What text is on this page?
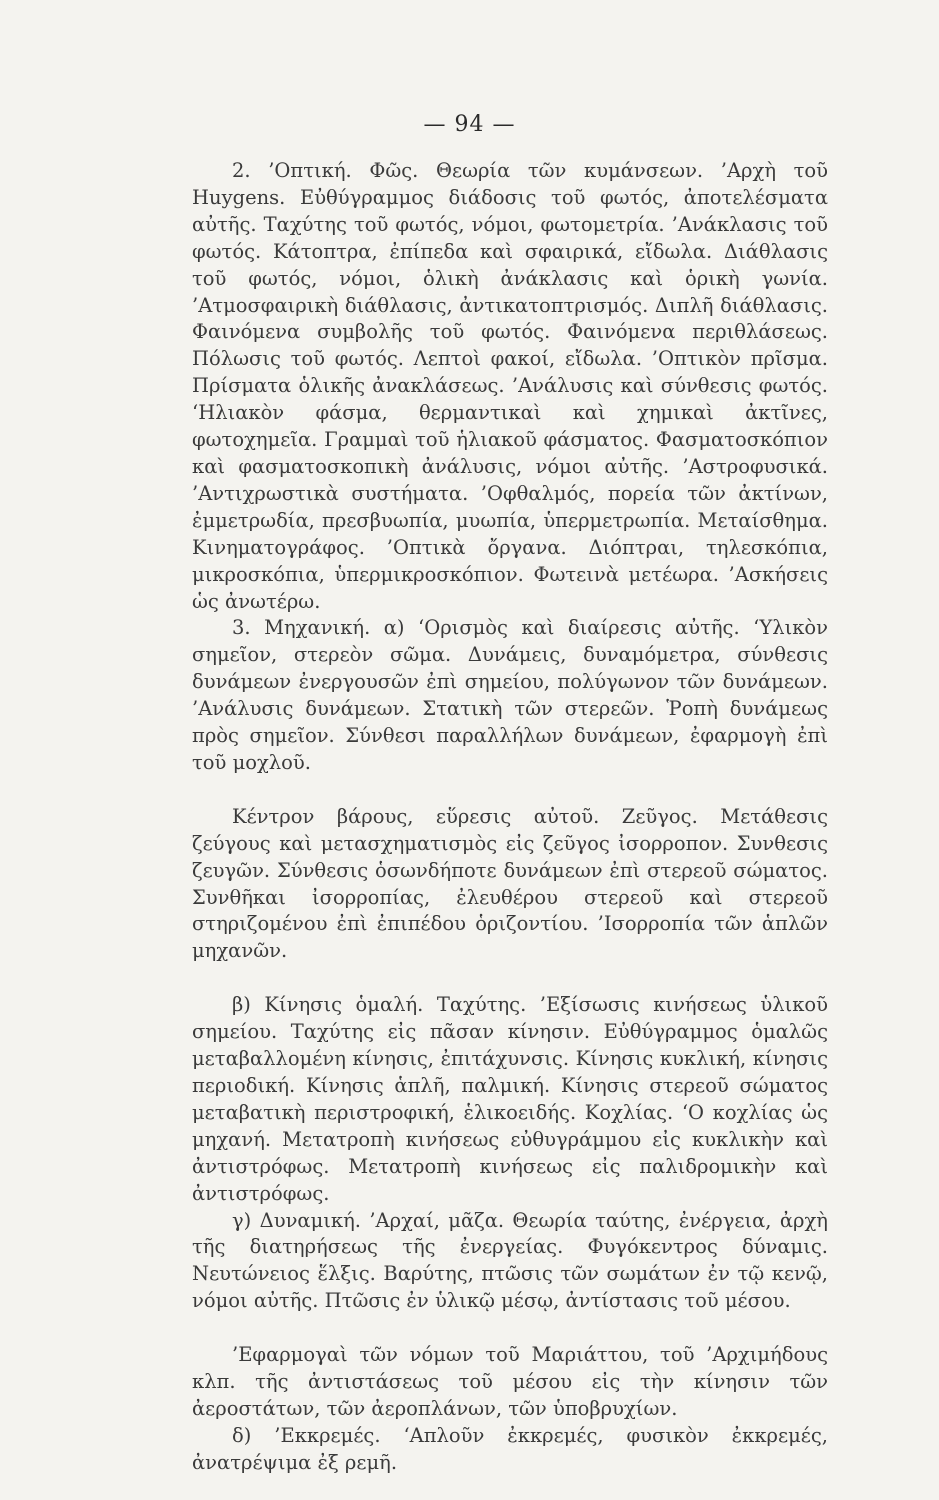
— 94 —

2. ’Οπτική. Φῶς. Θεωρία τῶν κυμάνσεων. ’Αρχὴ τοῦ Huygens. Εὐθύγραμμος διάδοσις τοῦ φωτός, ἀποτελέσματα αὐτῆς. Ταχύτης τοῦ φωτός, νόμοι, φωτομετρία. ’Ανάκλασις τοῦ φωτός. Κάτοπτρα, ἐπίπεδα καὶ σφαιρικά, εἴδωλα. Διάθλασις τοῦ φωτός, νόμοι, ὁλικὴ ἀνάκλασις καὶ ὁρικὴ γωνία. ’Ατμοσφαιρικὴ διάθλασις, ἀντικατοπτρισμός. Διπλῆ διάθλασις. Φαινόμενα συμβολῆς τοῦ φωτός. Φαινόμενα περιθλάσεως. Πόλωσις τοῦ φωτός. Λεπτοὶ φακοί, εἴδωλα. ’Οπτικὸν πρῖσμα. Πρίσματα ὁλικῆς ἀνακλάσεως. ’Ανάλυσις καὶ σύνθεσις φωτός. ‘Ηλιακὸν φάσμα, θερμαντικαὶ καὶ χημικαὶ ἀκτῖνες, φωτοχημεῖα. Γραμμαὶ τοῦ ἡλιακοῦ φάσματος. Φασματοσκόπιον καὶ φασματοσκοπικὴ ἀνάλυσις, νόμοι αὐτῆς. ’Αστροφυσικά. ’Αντιχρωστικὰ συστήματα. ’Οφθαλμός, πορεία τῶν ἀκτίνων, ἐμμετρωδία, πρεσβυωπία, μυωπία, ὑπερμετρωπία. Μεταίσθημα. Κινηματογράφος. ’Οπτικὰ ὄργανα. Διόπτραι, τηλεσκόπια, μικροσκόπια, ὑπερμικροσκόπιον. Φωτεινὰ μετέωρα. ’Ασκήσεις ὡς ἀνωτέρω.

3. Μηχανική. α) ‘Ορισμὸς καὶ διαίρεσις αὐτῆς. ‘Υλικὸν σημεῖον, στερεὸν σῶμα. Δυνάμεις, δυναμόμετρα, σύνθεσις δυνάμεων ἐνεργουσῶν ἐπὶ σημείου, πολύγωνον τῶν δυνάμεων. ’Ανάλυσις δυνάμεων. Στατικὴ τῶν στερεῶν. Ῥοπὴ δυνάμεως πρὸς σημεῖον. Σύνθεσι παραλλήλων δυνάμεων, ἐφαρμογὴ ἐπὶ τοῦ μοχλοῦ.

Κέντρον βάρους, εὕρεσις αὐτοῦ. Ζεῦγος. Μετάθεσις ζεύγους καὶ μετασχηματισμὸς εἰς ζεῦγος ἰσορροπον. Συνθεσις ζευγῶν. Σύνθεσις ὁσωνδήποτε δυνάμεων ἐπὶ στερεοῦ σώματος. Συνθῆκαι ἰσορροπίας, ἐλευθέρου στερεοῦ καὶ στερεοῦ στηριζομένου ἐπὶ ἐπιπέδου ὁριζοντίου. ’Ισορροπία τῶν ἁπλῶν μηχανῶν.

β) Κίνησις ὁμαλή. Ταχύτης. ’Εξίσωσις κινήσεως ὑλικοῦ σημείου. Ταχύτης εἰς πᾶσαν κίνησιν. Εὐθύγραμμος ὁμαλῶς μεταβαλλομένη κίνησις, ἐπιτάχυνσις. Κίνησις κυκλική, κίνησις περιοδική. Κίνησις ἁπλῆ, παλμική. Κίνησις στερεοῦ σώματος μεταβατικὴ περιστροφική, ἑλικοειδής. Κοχλίας. ‘Ο κοχλίας ὡς μηχανή. Μετατροπὴ κινήσεως εὐθυγράμμου εἰς κυκλικὴν καὶ ἀντιστρόφως. Μετατροπὴ κινήσεως εἰς παλιδρομικὴν καὶ ἀντιστρόφως.

γ) Δυναμική. ’Αρχαί, μᾶζα. Θεωρία ταύτης, ἐνέργεια, ἀρχὴ τῆς διατηρήσεως τῆς ἐνεργείας. Φυγόκεντρος δύναμις. Νευτώνειος ἕλξις. Βαρύτης, πτῶσις τῶν σωμάτων ἐν τῷ κενῷ, νόμοι αὐτῆς. Πτῶσις ἐν ὑλικῷ μέσῳ, ἀντίστασις τοῦ μέσου.

’Εφαρμογαὶ τῶν νόμων τοῦ Μαριάττου, τοῦ ’Αρχιμήδους κλπ. τῆς ἀντιστάσεως τοῦ μέσου εἰς τὴν κίνησιν τῶν ἀεροστάτων, τῶν ἀεροπλάνων, τῶν ὑποβρυχίων.

δ) ’Εκκρεμές. ‘Απλοῦν ἐκκρεμές, φυσικὸν ἐκκρεμές, ἀνατρέψιμα ἐξ ρεμῆ.
